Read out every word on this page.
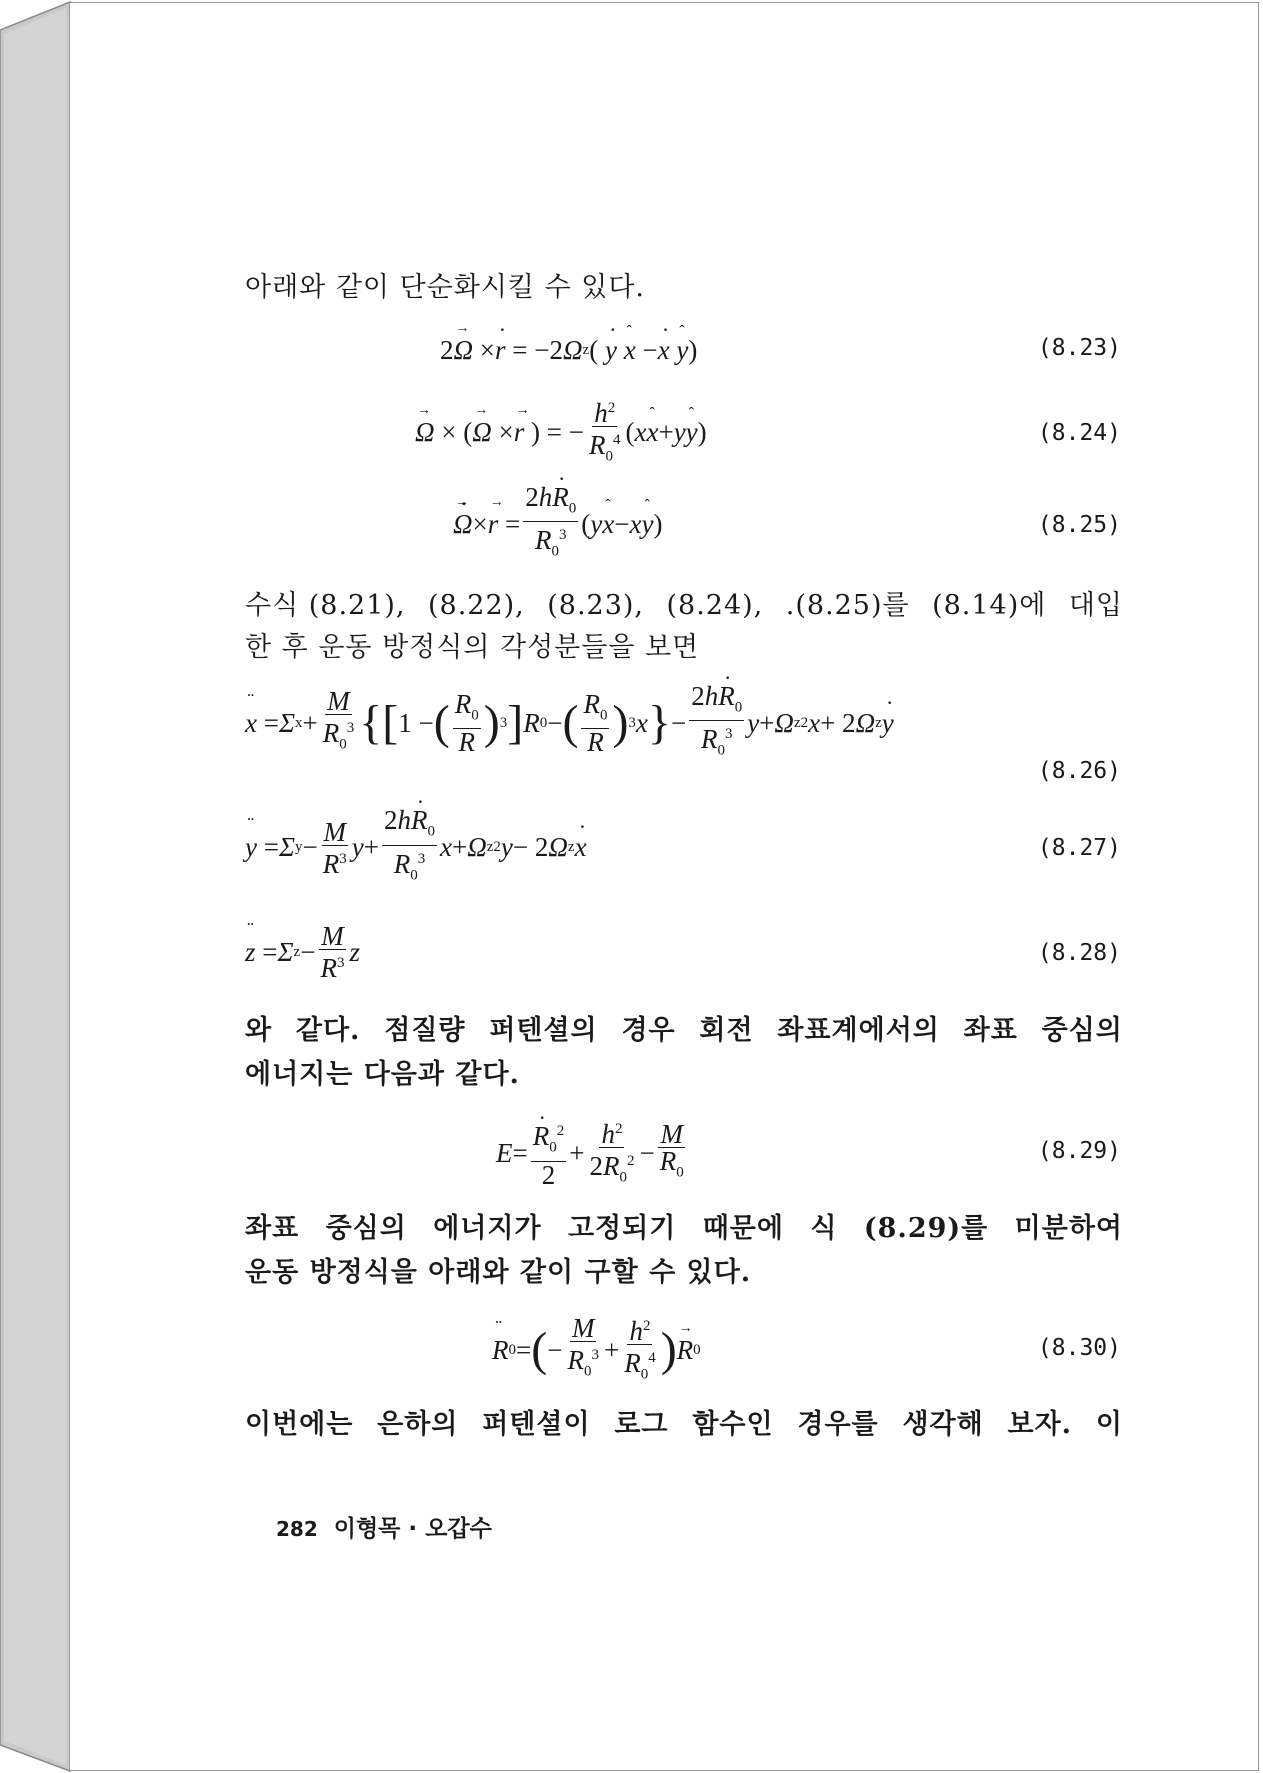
아래와 같이 단순화시킬 수 있다.
2 → Ω × · r = −2 Ω z (
· y
ˆ x − · x
ˆ y )	(8.23)
→ Ω × ( → Ω × → r ) = − $\frac{h^2}{R_0^4}$ ( x ˆ x + y ˆ y )	(8.24)
· → Ω × → $r = \frac{2h\cdot R_0}{R_0^3}$ ( y ˆ x − x ˆ y )	(8.25)
수식 (8.21), (8.22), (8.23), (8.24), .(8.25)를 (8.14)에 대입
한 후 운동 방정식의 각성분들을 보면
¨ x = Σ $x + \frac{M}{R_0^3}$ {[ 1 − ( $\frac{R_0}{R}$ ) 3 ] R 0 − ( $\frac{R_0}{R}$ ) 3 x } − $\frac{2h\cdot R_0}{R_0^3}$ y + Ω z 2 x + 2 Ω z · y
(8.26)
¨ y = Σ $y - \frac{M}{R^3}$ $y + \frac{2h\cdot R_0}{R_0^3}$ x + Ω z 2 y − 2 Ω z · x	(8.27)
¨ z = Σ $z - \frac{M}{R^3}$ z	(8.28)
와 같다. 점질량 퍼텐셜의 경우 회전 좌표계에서의 좌표 중심의
에너지는 다음과 같다.
E = · $\frac{R_0^2}{2} + \frac{h^2}{2R_0^2} - \frac{M}{R_0}$	(8.29)
좌표 중심의 에너지가 고정되기 때문에 식 (8.29)를 미분하여
운동 방정식을 아래와 같이 구할 수 있다.
¨ R 0 = ( − $\frac{M}{R_0^3} + \frac{h^2}{R_0^4}$ ) → R 0	(8.30)
이번에는 은하의 퍼텐셜이 로그 함수인 경우를 생각해 보자. 이
282 이형목 · 오갑수
